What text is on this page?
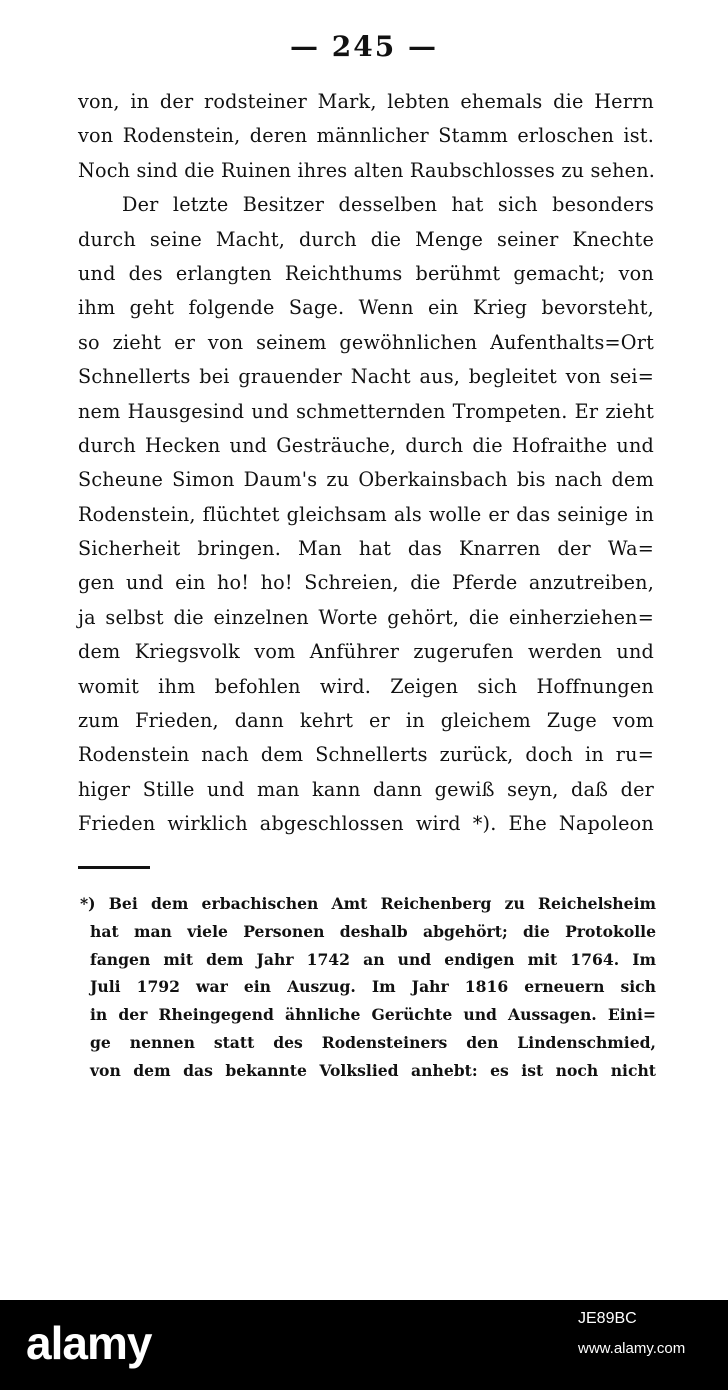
— 245 —
von, in der rodsteiner Mark, lebten ehemals die Herrn
von Rodenstein, deren männlicher Stamm erloschen ist.
Noch sind die Ruinen ihres alten Raubschlosses zu sehen.
Der letzte Besitzer desselben hat sich besonders
durch seine Macht, durch die Menge seiner Knechte
und des erlangten Reichthums berühmt gemacht; von
ihm geht folgende Sage. Wenn ein Krieg bevorsteht,
so zieht er von seinem gewöhnlichen Aufenthalts=Ort
Schnellerts bei grauender Nacht aus, begleitet von sei=
nem Hausgesind und schmetternden Trompeten. Er zieht
durch Hecken und Gesträuche, durch die Hofraithe und
Scheune Simon Daum's zu Oberkainsbach bis nach dem
Rodenstein, flüchtet gleichsam als wolle er das seinige in
Sicherheit bringen. Man hat das Knarren der Wa=
gen und ein ho! ho! Schreien, die Pferde anzutreiben,
ja selbst die einzelnen Worte gehört, die einherziehen=
dem Kriegsvolk vom Anführer zugerufen werden und
womit ihm befohlen wird. Zeigen sich Hoffnungen
zum Frieden, dann kehrt er in gleichem Zuge vom
Rodenstein nach dem Schnellerts zurück, doch in ru=
higer Stille und man kann dann gewiß seyn, daß der
Frieden wirklich abgeschlossen wird *). Ehe Napoleon
*) Bei dem erbachischen Amt Reichenberg zu Reichelsheim
hat man viele Personen deshalb abgehört; die Protokolle
fangen mit dem Jahr 1742 an und endigen mit 1764. Im
Juli 1792 war ein Auszug. Im Jahr 1816 erneuern sich
in der Rheingegend ähnliche Gerüchte und Aussagen. Eini=
ge nennen statt des Rodensteiners den Lindenschmied,
von dem das bekannte Volkslied anhebt: es ist noch nicht
alamy	JE89BC
www.alamy.com
